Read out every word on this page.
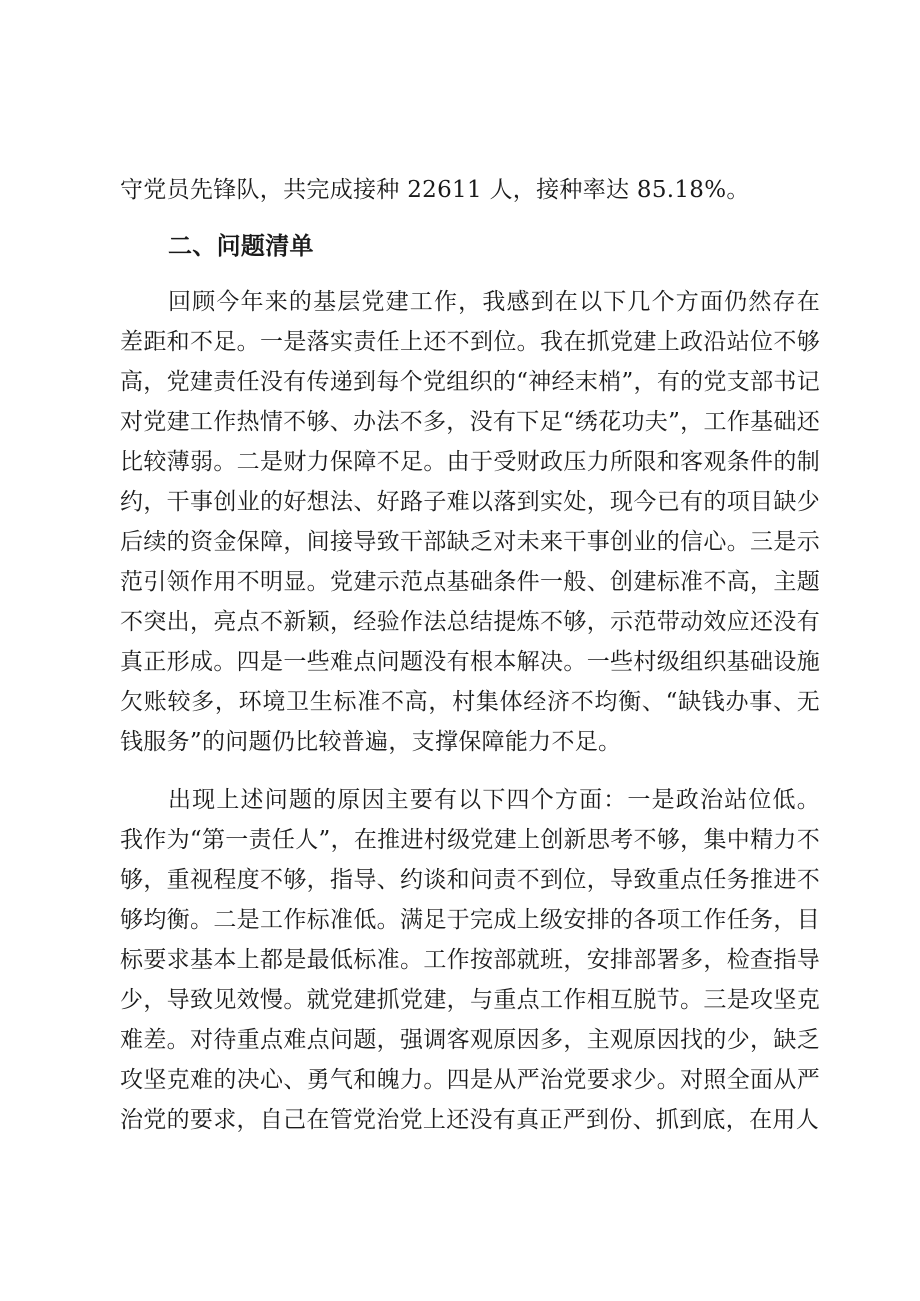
守党员先锋队，共完成接种 22611 人，接种率达 85.18%。

二、问题清单

回顾今年来的基层党建工作，我感到在以下几个方面仍然存在差距和不足。一是落实责任上还不到位。我在抓党建上政沿站位不够高，党建责任没有传递到每个党组织的“神经末梢”，有的党支部书记对党建工作热情不够、办法不多，没有下足“绣花功夫”，工作基础还比较薄弱。二是财力保障不足。由于受财政压力所限和客观条件的制约，干事创业的好想法、好路子难以落到实处，现今已有的项目缺少后续的资金保障，间接导致干部缺乏对未来干事创业的信心。三是示范引领作用不明显。党建示范点基础条件一般、创建标准不高，主题不突出，亮点不新颖，经验作法总结提炼不够，示范带动效应还没有真正形成。四是一些难点问题没有根本解决。一些村级组织基础设施欠账较多，环境卫生标准不高，村集体经济不均衡、“缺钱办事、无钱服务”的问题仍比较普遍，支撑保障能力不足。

出现上述问题的原因主要有以下四个方面：一是政治站位低。我作为“第一责任人”，在推进村级党建上创新思考不够，集中精力不够，重视程度不够，指导、约谈和问责不到位，导致重点任务推进不够均衡。二是工作标准低。满足于完成上级安排的各项工作任务，目标要求基本上都是最低标准。工作按部就班，安排部署多，检查指导少，导致见效慢。就党建抓党建，与重点工作相互脱节。三是攻坚克难差。对待重点难点问题，强调客观原因多，主观原因找的少，缺乏攻坚克难的决心、勇气和魄力。四是从严治党要求少。对照全面从严治党的要求，自己在管党治党上还没有真正严到份、抓到底，在用人
